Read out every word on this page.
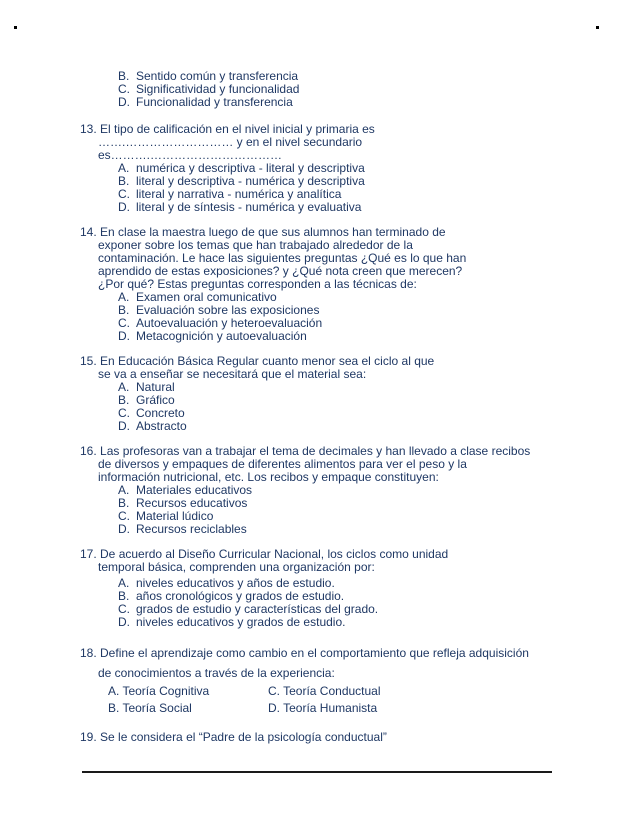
B. Sentido común y transferencia
C. Significatividad y funcionalidad
D. Funcionalidad y transferencia
13. El tipo de calificación en el nivel inicial y primaria es
…….……………………… y en el nivel secundario
es……….……………………………
A. numérica y descriptiva - literal y descriptiva
B. literal y descriptiva - numérica y descriptiva
C. literal y narrativa - numérica y analítica
D. literal y de síntesis - numérica y evaluativa
14. En clase la maestra luego de que sus alumnos han terminado de
exponer sobre los temas que han trabajado alrededor de la
contaminación. Le hace las siguientes preguntas ¿Qué es lo que han
aprendido de estas exposiciones? y ¿Qué nota creen que merecen?
¿Por qué? Estas preguntas corresponden a las técnicas de:
A. Examen oral comunicativo
B. Evaluación sobre las exposiciones
C. Autoevaluación y heteroevaluación
D. Metacognición y autoevaluación
15. En Educación Básica Regular cuanto menor sea el ciclo al que
se va a enseñar se necesitará que el material sea:
A. Natural
B. Gráfico
C. Concreto
D. Abstracto
16. Las profesoras van a trabajar el tema de decimales y han llevado a clase recibos
de diversos y empaques de diferentes alimentos para ver el peso y la
información nutricional, etc. Los recibos y empaque constituyen:
A. Materiales educativos
B. Recursos educativos
C. Material lúdico
D. Recursos reciclables
17. De acuerdo al Diseño Curricular Nacional, los ciclos como unidad
temporal básica, comprenden una organización por:
A. niveles educativos y años de estudio.
B. años cronológicos y grados de estudio.
C. grados de estudio y características del grado.
D. niveles educativos y grados de estudio.
18. Define el aprendizaje como cambio en el comportamiento que refleja adquisición
de conocimientos a través de la experiencia:
A. Teoría Cognitiva	C. Teoría Conductual
B. Teoría Social	D. Teoría Humanista
19. Se le considera el “Padre de la psicología conductual”
